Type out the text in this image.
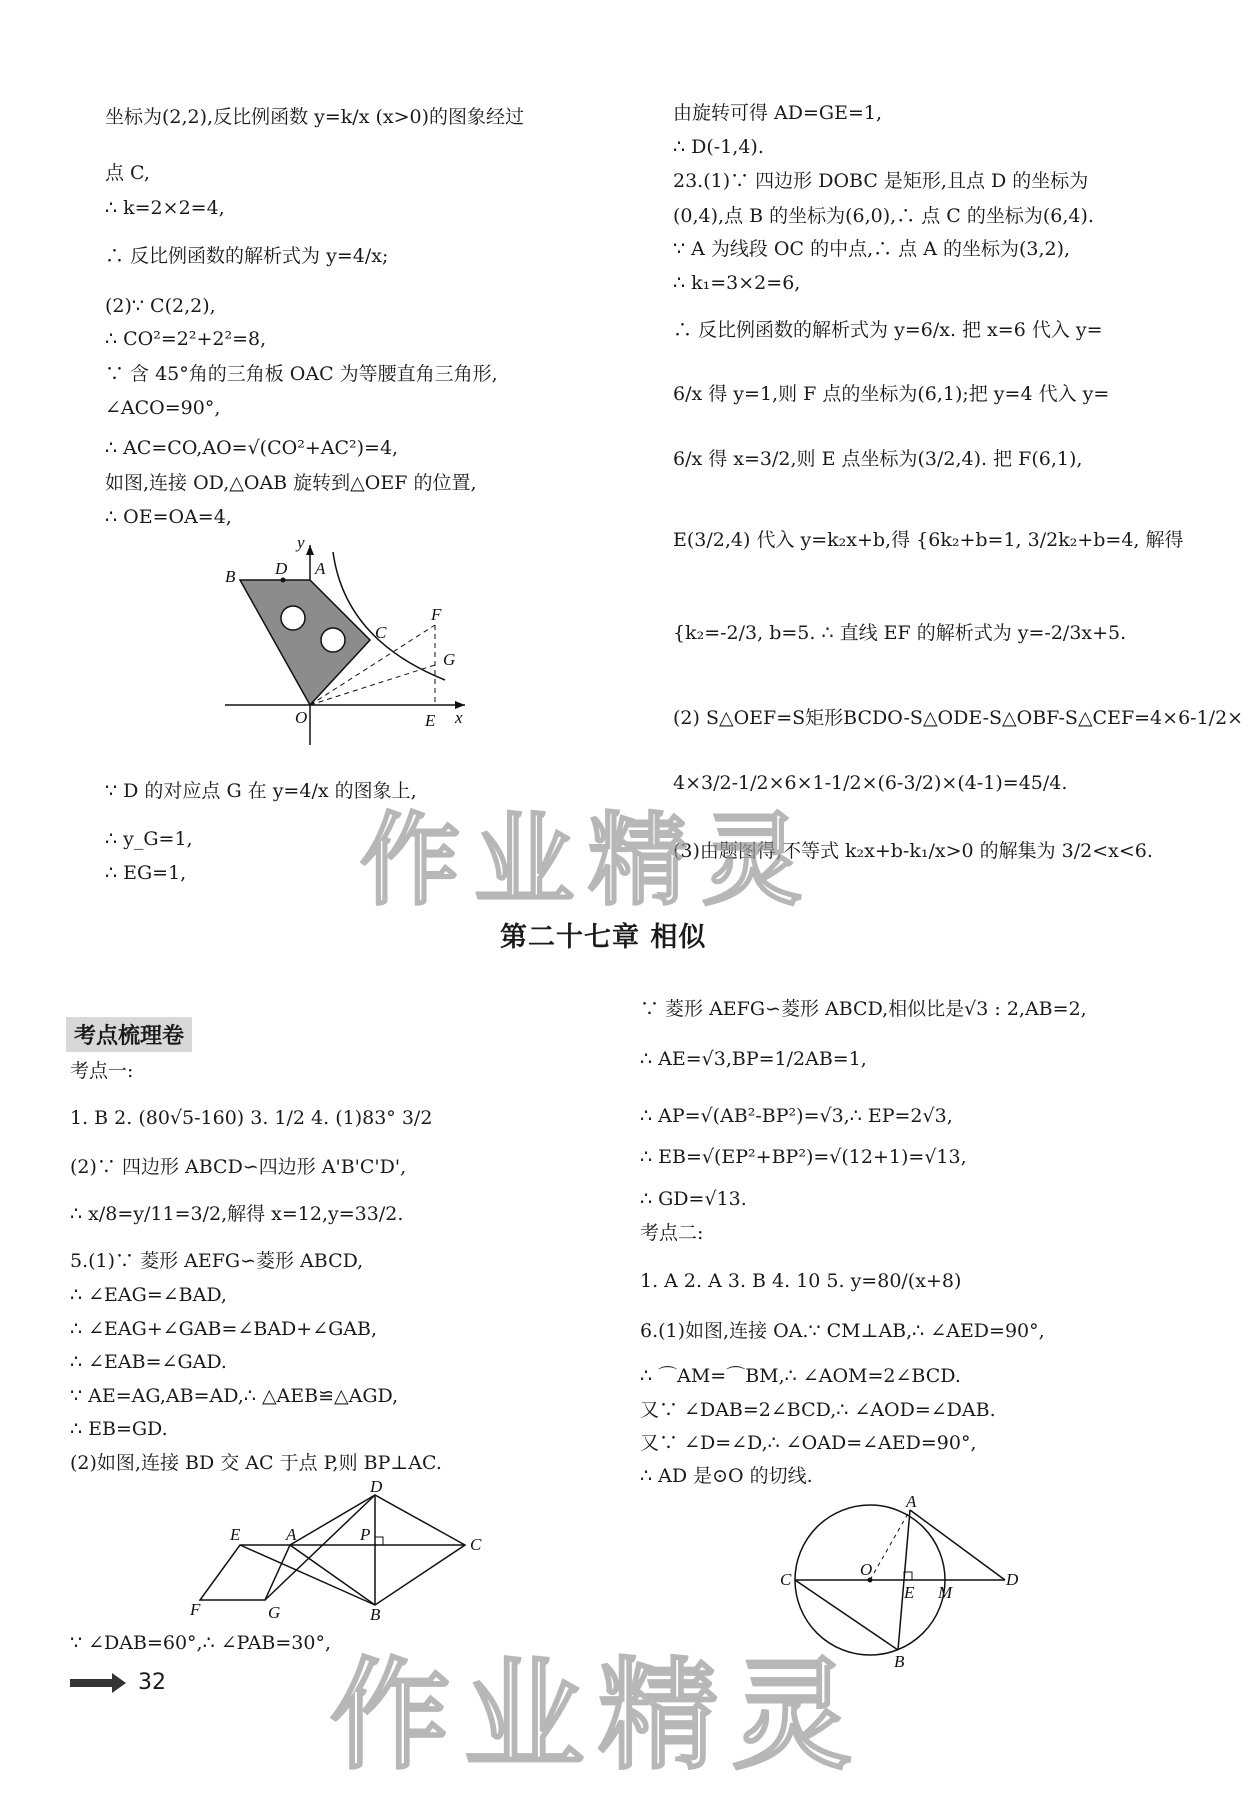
坐标为(2,2),反比例函数 y=k/x (x>0)的图象经过
点 C,
∴ k=2×2=4,
∴ 反比例函数的解析式为 y=4/x;
(2)∵ C(2,2),
∴ CO²=2²+2²=8,
∵ 含 45°角的三角板 OAC 为等腰直角三角形,
∠ACO=90°,
∴ AC=CO,AO=√(CO²+AC²)=4,
如图,连接 OD,△OAB 旋转到△OEF 的位置,
∴ OE=OA=4,
y
B D A
C
F
G
O	E x
∵ D 的对应点 G 在 y=4/x 的图象上,
∴ y_G=1,
∴ EG=1,
由旋转可得 AD=GE=1,
∴ D(-1,4).
23.(1)∵ 四边形 DOBC 是矩形,且点 D 的坐标为
(0,4),点 B 的坐标为(6,0),∴ 点 C 的坐标为(6,4).
∵ A 为线段 OC 的中点,∴ 点 A 的坐标为(3,2),
∴ k₁=3×2=6,
∴ 反比例函数的解析式为 y=6/x. 把 x=6 代入 y=
6/x 得 y=1,则 F 点的坐标为(6,1);把 y=4 代入 y=
6/x 得 x=3/2,则 E 点坐标为(3/2,4). 把 F(6,1),
E(3/2,4) 代入 y=k₂x+b,得 {6k₂+b=1, 3/2k₂+b=4, 解得
{k₂=-2/3, b=5. ∴ 直线 EF 的解析式为 y=-2/3x+5.
(2) S△OEF=S矩形BCDO-S△ODE-S△OBF-S△CEF=4×6-1/2×
4×3/2-1/2×6×1-1/2×(6-3/2)×(4-1)=45/4.
(3)由题图得,不等式 k₂x+b-k₁/x>0 的解集为 3/2<x<6.
第二十七章 相似
考点梳理卷
考点一:
1. B 2. (80√5-160) 3. 1/2 4. (1)83° 3/2
(2)∵ 四边形 ABCD∽四边形 A'B'C'D',
∴ x/8=y/11=3/2,解得 x=12,y=33/2.
5.(1)∵ 菱形 AEFG∽菱形 ABCD,
∴ ∠EAG=∠BAD,
∴ ∠EAG+∠GAB=∠BAD+∠GAB,
∴ ∠EAB=∠GAD.
∵ AE=AG,AB=AD,∴ △AEB≌△AGD,
∴ EB=GD.
(2)如图,连接 BD 交 AC 于点 P,则 BP⊥AC.
D
E	A	P
C
F	G	B
∵ ∠DAB=60°,∴ ∠PAB=30°,
∵ 菱形 AEFG∽菱形 ABCD,相似比是√3 : 2,AB=2,
∴ AE=√3,BP=1/2AB=1,
∴ AP=√(AB²-BP²)=√3,∴ EP=2√3,
∴ EB=√(EP²+BP²)=√(12+1)=√13,
∴ GD=√13.
考点二:
1. A 2. A 3. B 4. 10 5. y=80/(x+8)
6.(1)如图,连接 OA.∵ CM⊥AB,∴ ∠AED=90°,
∴ ⌒AM=⌒BM,∴ ∠AOM=2∠BCD.
又∵ ∠DAB=2∠BCD,∴ ∠AOD=∠DAB.
又∵ ∠D=∠D,∴ ∠OAD=∠AED=90°,
∴ AD 是⊙O 的切线.
A
C
O
E M
D
B
作业精灵
作业精灵
32
